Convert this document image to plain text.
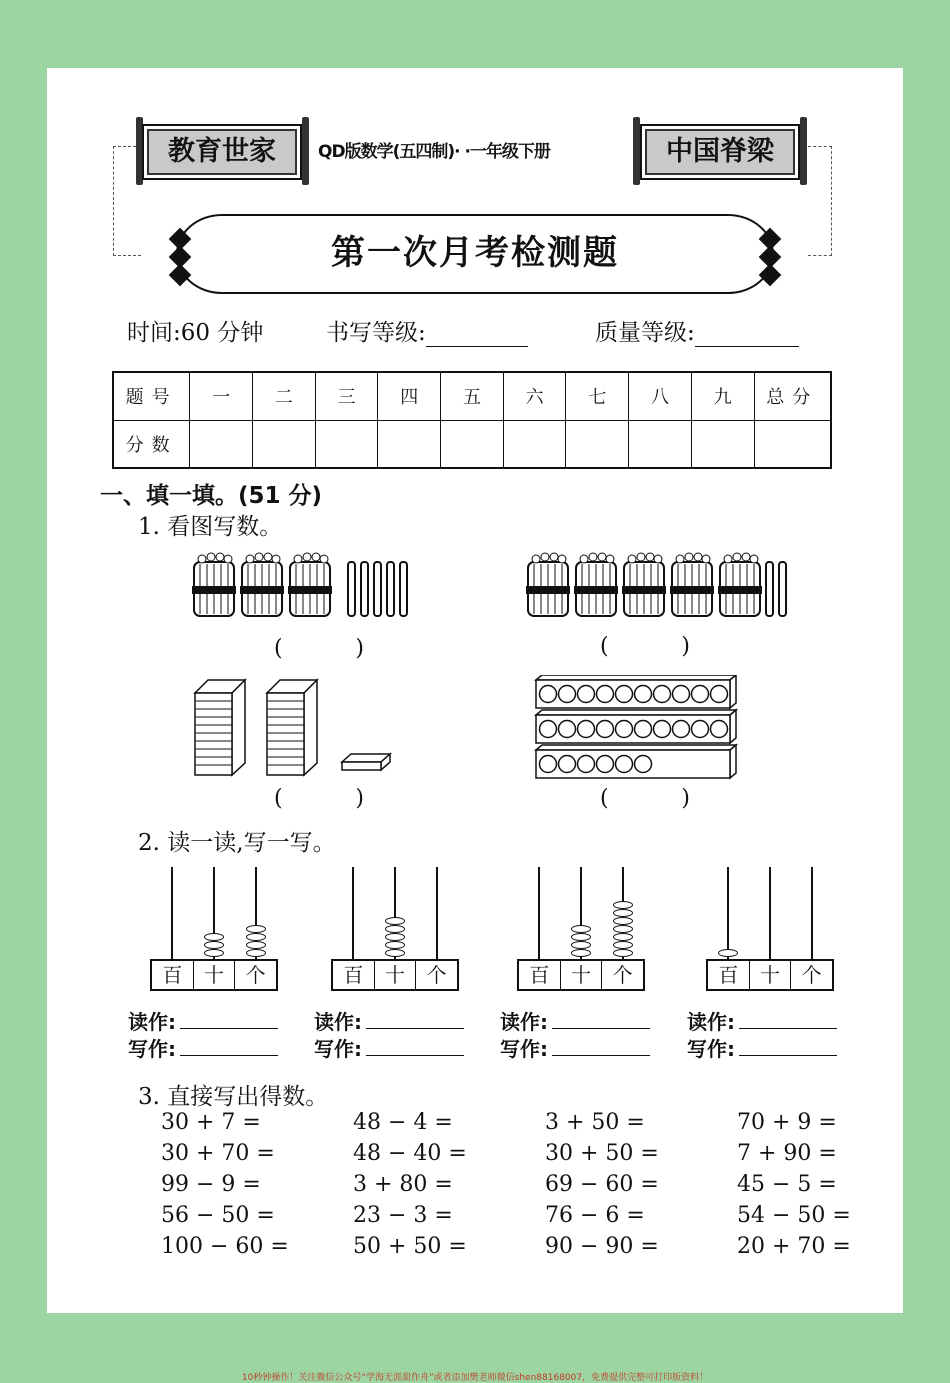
教育世家	QD版数学(五四制)· ·一年级下册	中国脊梁
第一次月考检测题
时间:60 分钟	书写等级:	质量等级:
题号	一	二	三	四	五	六	七	八	九	总分
分数										
一、填一填。(51 分)
1. 看图写数。
(	)	(	)
(	)	(	)
2. 读一读,写一写。
百	十	个	百	十	个	百	十	个	百	十	个
读作:
写作:
读作:
写作:
读作:
写作:
读作:
写作:
3. 直接写出得数。
30 + 7 =
30 + 70 =
99 − 9 =
56 − 50 =
100 − 60 =
48 − 4 =
48 − 40 =
3 + 80 =
23 − 3 =
50 + 50 =
3 + 50 =
30 + 50 =
69 − 60 =
76 − 6 =
90 − 90 =
70 + 9 =
7 + 90 =
45 − 5 =
54 − 50 =
20 + 70 =
10秒钟操作！关注微信公众号“学海无涯甜作舟”或者添加樊老师微信shen88168007，免费提供完整可打印版资料！
